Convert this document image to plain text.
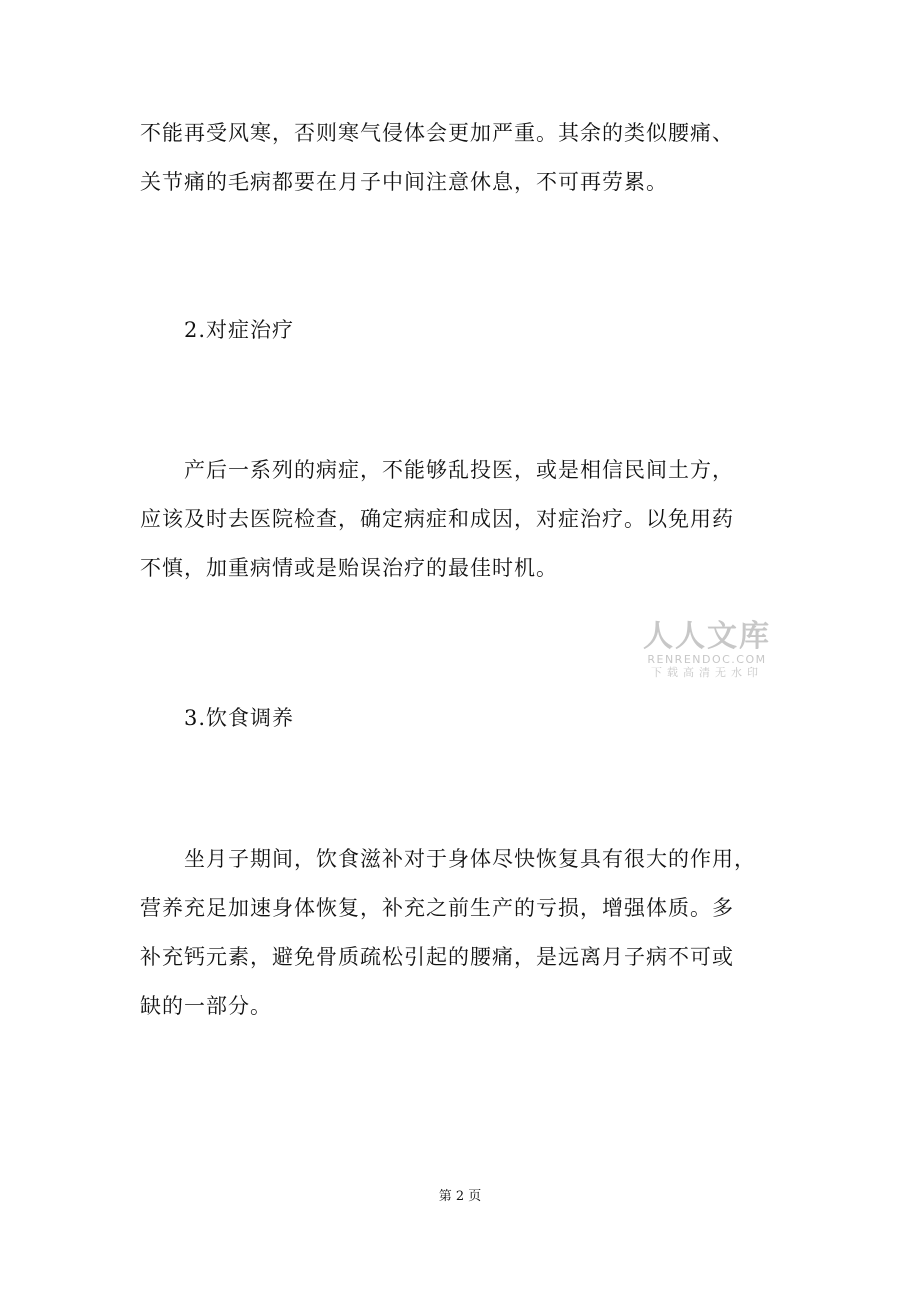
不能再受风寒，否则寒气侵体会更加严重。其余的类似腰痛、
关节痛的毛病都要在月子中间注意休息，不可再劳累。
2.对症治疗
产后一系列的病症，不能够乱投医，或是相信民间土方，
应该及时去医院检查，确定病症和成因，对症治疗。以免用药
不慎，加重病情或是贻误治疗的最佳时机。
人人文库
RENRENDOC.COM
下载高清无水印
3.饮食调养
坐月子期间，饮食滋补对于身体尽快恢复具有很大的作用，
营养充足加速身体恢复，补充之前生产的亏损，增强体质。多
补充钙元素，避免骨质疏松引起的腰痛，是远离月子病不可或
缺的一部分。
第 2 页
